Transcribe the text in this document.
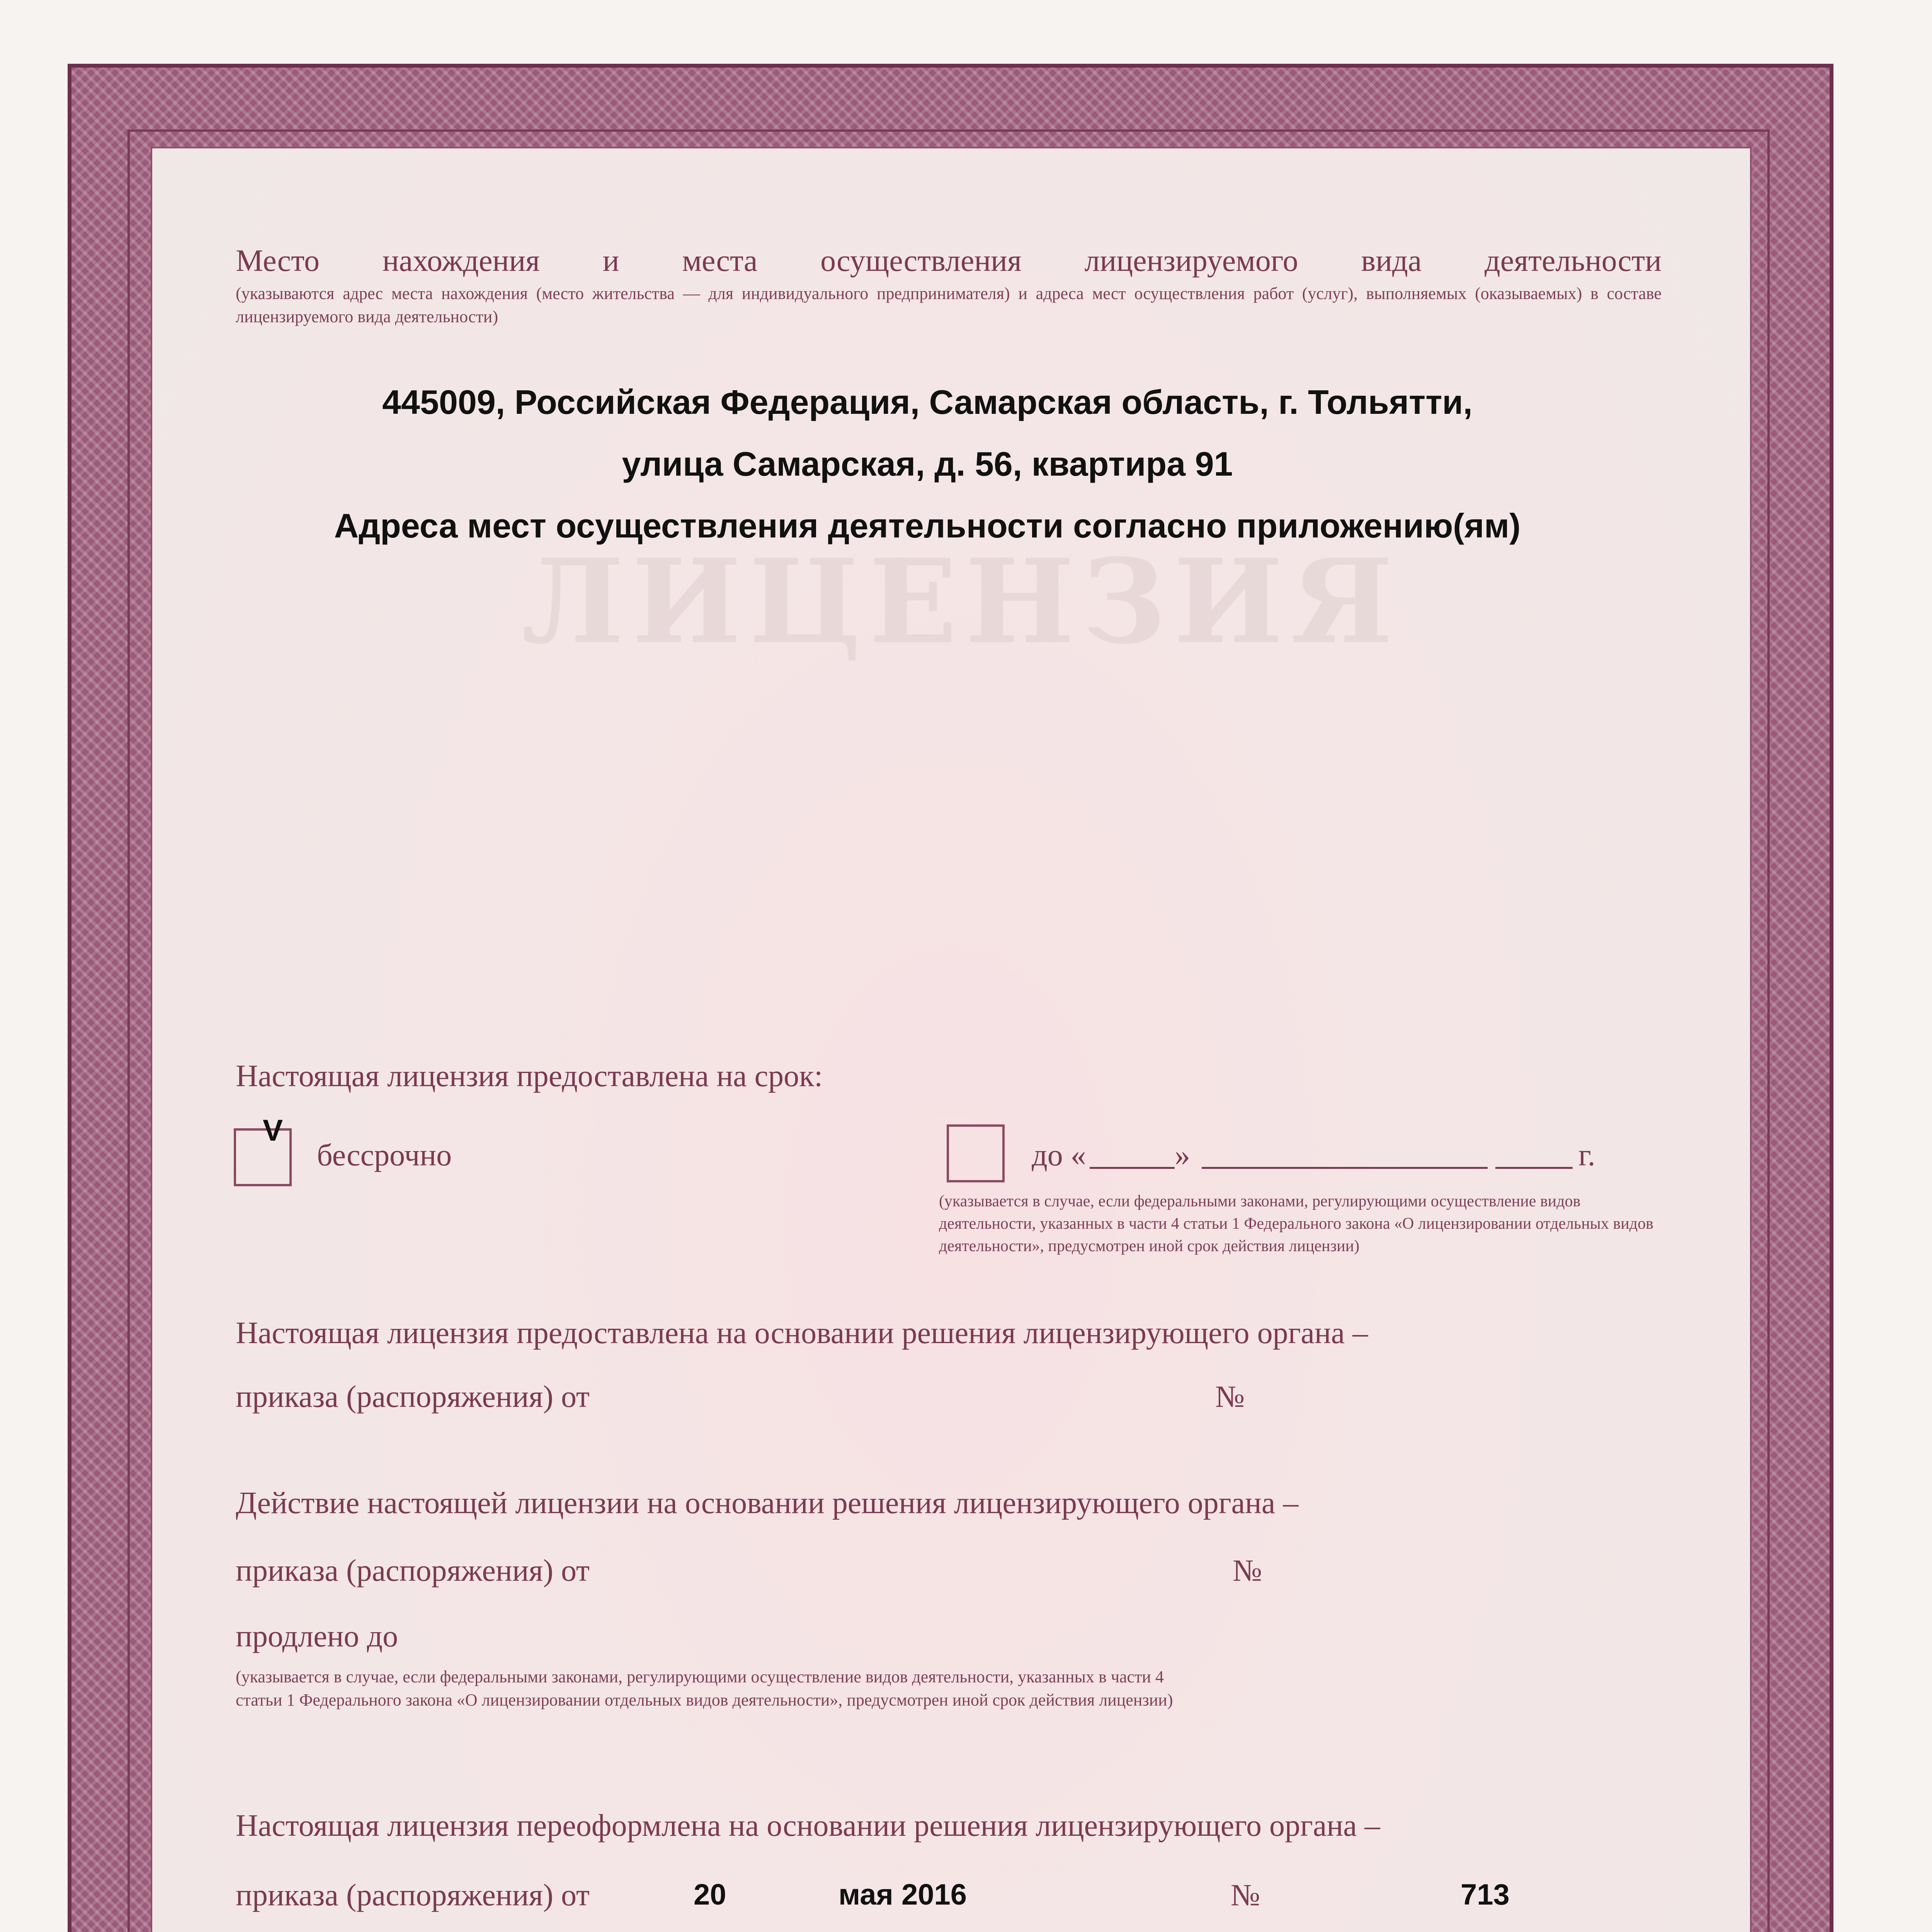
ЛИЦЕНЗИЯ
Место нахождения и места осуществления лицензируемого вида деятельности
(указываются адрес места нахождения (место жительства — для индивидуального предпринимателя) и адреса мест осуществления работ (услуг), выполняемых (оказываемых) в составе лицензируемого вида деятельности)
445009, Российская Федерация, Самарская область, г. Тольятти,
улица Самарская, д. 56, квартира 91
Адреса мест осуществления деятельности согласно приложению(ям)
Настоящая лицензия предоставлена на срок:
V
бессрочно	до «	»	г.
(указывается в случае, если федеральными законами, регулирующими осуществление видов деятельности, указанных в части 4 статьи 1 Федерального закона «О лицензировании отдельных видов деятельности», предусмотрен иной срок действия лицензии)
Настоящая лицензия предоставлена на основании решения лицензирующего органа –
приказа (распоряжения) от	№
Действие настоящей лицензии на основании решения лицензирующего органа –
приказа (распоряжения) от	№
продлено до
(указывается в случае, если федеральными законами, регулирующими осуществление видов деятельности, указанных в части 4 статьи 1 Федерального закона «О лицензировании отдельных видов деятельности», предусмотрен иной срок действия лицензии)
Настоящая лицензия переоформлена на основании решения лицензирующего органа –
приказа (распоряжения) от	20	мая 2016	№	713
